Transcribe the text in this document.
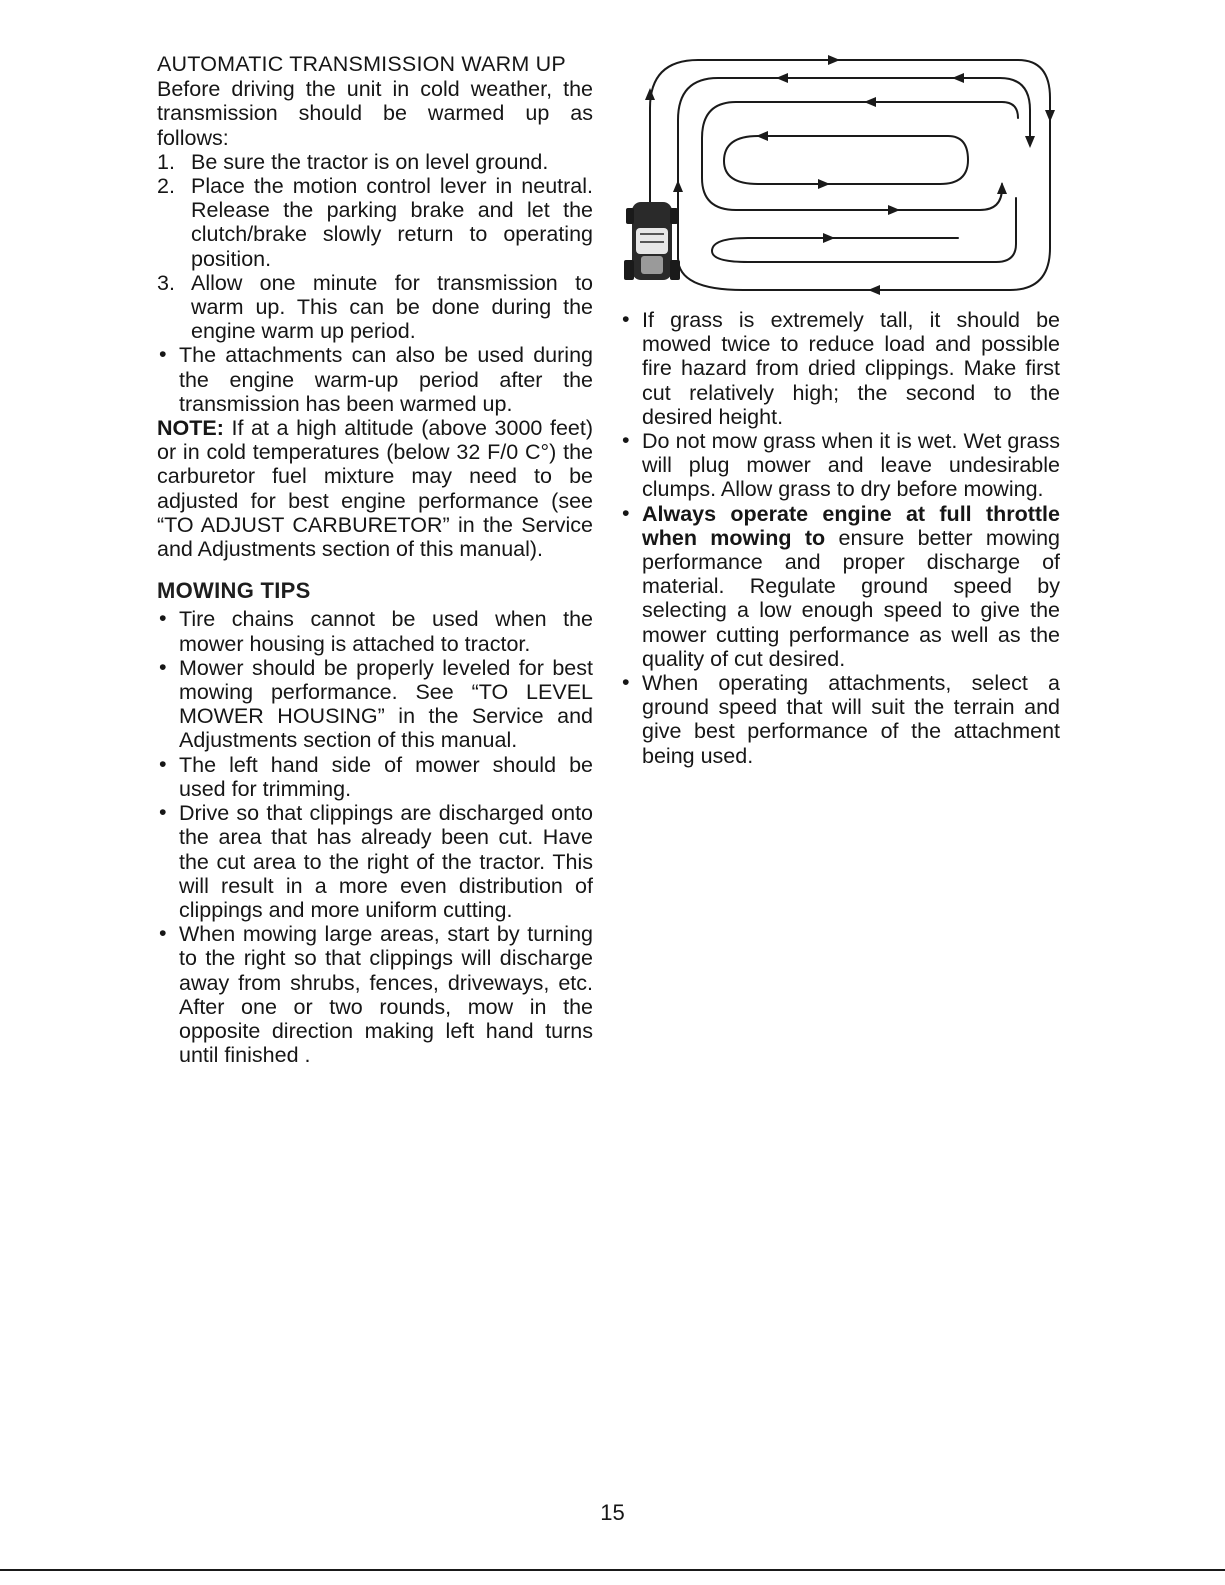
AUTOMATIC TRANSMISSION WARM UP

Before driving the unit in cold weather, the transmission should be warmed up as follows:

1. Be sure the tractor is on level ground.
2. Place the motion control lever in neutral. Release the parking brake and let the clutch/brake slowly return to operating position.
3. Allow one minute for transmission to warm up. This can be done during the engine warm up period.
• The attachments can also be used during the engine warm-up period after the transmission has been warmed up.

NOTE: If at a high altitude (above 3000 feet) or in cold temperatures (below 32 F/0 C°) the carburetor fuel mixture may need to be adjusted for best engine performance (see “TO ADJUST CARBURETOR” in the Service and Adjustments section of this manual).

MOWING TIPS

• Tire chains cannot be used when the mower housing is attached to tractor.
• Mower should be properly leveled for best mowing performance. See “TO LEVEL MOWER HOUSING” in the Service and Adjustments section of this manual.
• The left hand side of mower should be used for trimming.
• Drive so that clippings are discharged onto the area that has already been cut. Have the cut area to the right of the tractor. This will result in a more even distribution of clippings and more uniform cutting.
• When mowing large areas, start by turning to the right so that clippings will discharge away from shrubs, fences, driveways, etc. After one or two rounds, mow in the opposite direction making left hand turns until finished .
• If grass is extremely tall, it should be mowed twice to reduce load and possible fire hazard from dried clippings. Make first cut relatively high; the second to the desired height.
• Do not mow grass when it is wet. Wet grass will plug mower and leave undesirable clumps. Allow grass to dry before mowing.
• Always operate engine at full throttle when mowing to ensure better mowing performance and proper discharge of material. Regulate ground speed by selecting a low enough speed to give the mower cutting performance as well as the quality of cut desired.
• When operating attachments, select a ground speed that will suit the terrain and give best performance of the attachment being used.
15
